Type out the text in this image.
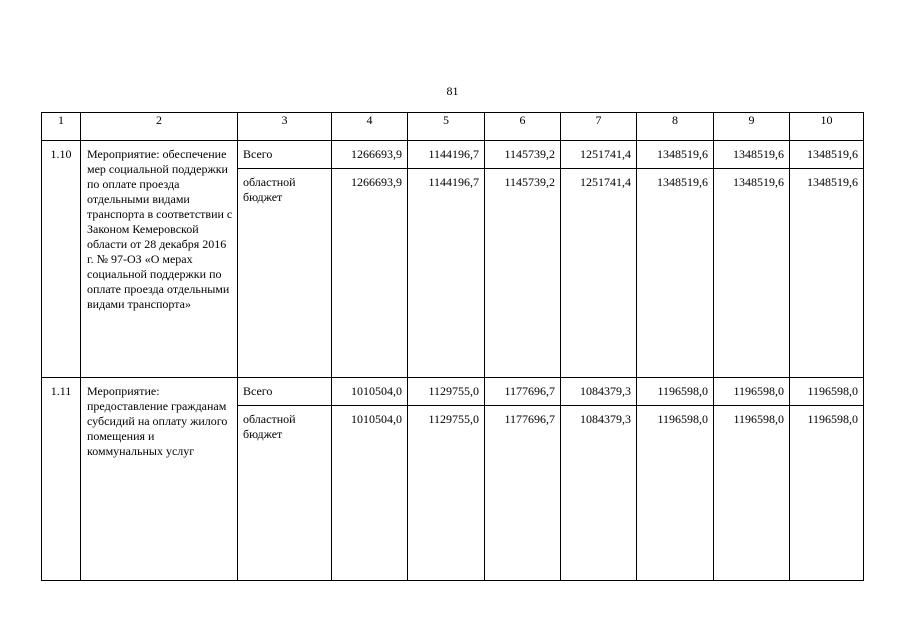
81
1	2	3	4	5	6	7	8	9	10
1.10	Мероприятие: обеспечение мер социальной поддержки по оплате проезда отдельными видами транспорта в соответствии с Законом Кемеровской области от 28 декабря 2016 г. № 97-ОЗ «О мерах социальной поддержки по оплате проезда отдельными видами транспорта»	Всего	1266693,9	1144196,7	1145739,2	1251741,4	1348519,6	1348519,6	1348519,6
		областной бюджет	1266693,9	1144196,7	1145739,2	1251741,4	1348519,6	1348519,6	1348519,6
1.11	Мероприятие: предоставление гражданам субсидий на оплату жилого помещения и коммунальных услуг	Всего	1010504,0	1129755,0	1177696,7	1084379,3	1196598,0	1196598,0	1196598,0
		областной бюджет	1010504,0	1129755,0	1177696,7	1084379,3	1196598,0	1196598,0	1196598,0
